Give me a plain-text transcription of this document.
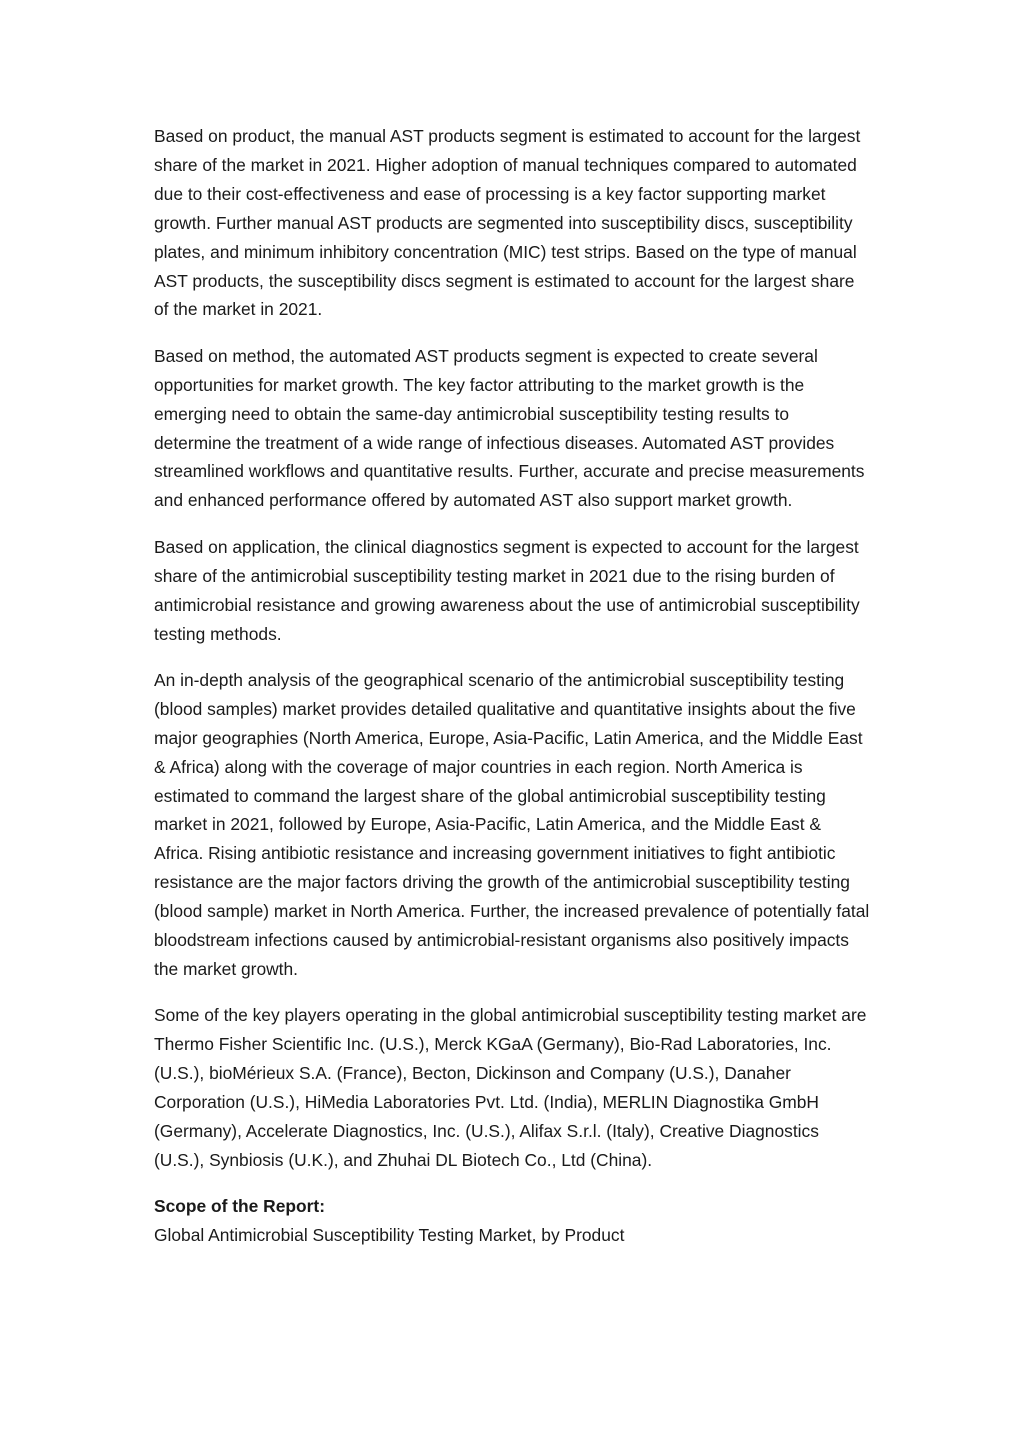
Based on product, the manual AST products segment is estimated to account for the largest share of the market in 2021. Higher adoption of manual techniques compared to automated due to their cost-effectiveness and ease of processing is a key factor supporting market growth. Further manual AST products are segmented into susceptibility discs, susceptibility plates, and minimum inhibitory concentration (MIC) test strips. Based on the type of manual AST products, the susceptibility discs segment is estimated to account for the largest share of the market in 2021.

Based on method, the automated AST products segment is expected to create several opportunities for market growth. The key factor attributing to the market growth is the emerging need to obtain the same-day antimicrobial susceptibility testing results to determine the treatment of a wide range of infectious diseases. Automated AST provides streamlined workflows and quantitative results. Further, accurate and precise measurements and enhanced performance offered by automated AST also support market growth.

Based on application, the clinical diagnostics segment is expected to account for the largest share of the antimicrobial susceptibility testing market in 2021 due to the rising burden of antimicrobial resistance and growing awareness about the use of antimicrobial susceptibility testing methods.

An in-depth analysis of the geographical scenario of the antimicrobial susceptibility testing (blood samples) market provides detailed qualitative and quantitative insights about the five major geographies (North America, Europe, Asia-Pacific, Latin America, and the Middle East & Africa) along with the coverage of major countries in each region. North America is estimated to command the largest share of the global antimicrobial susceptibility testing market in 2021, followed by Europe, Asia-Pacific, Latin America, and the Middle East & Africa. Rising antibiotic resistance and increasing government initiatives to fight antibiotic resistance are the major factors driving the growth of the antimicrobial susceptibility testing (blood sample) market in North America. Further, the increased prevalence of potentially fatal bloodstream infections caused by antimicrobial-resistant organisms also positively impacts the market growth.

Some of the key players operating in the global antimicrobial susceptibility testing market are Thermo Fisher Scientific Inc. (U.S.), Merck KGaA (Germany), Bio-Rad Laboratories, Inc. (U.S.), bioMérieux S.A. (France), Becton, Dickinson and Company (U.S.), Danaher Corporation (U.S.), HiMedia Laboratories Pvt. Ltd. (India), MERLIN Diagnostika GmbH (Germany), Accelerate Diagnostics, Inc. (U.S.), Alifax S.r.l. (Italy), Creative Diagnostics (U.S.), Synbiosis (U.K.), and Zhuhai DL Biotech Co., Ltd (China).

Scope of the Report:

Global Antimicrobial Susceptibility Testing Market, by Product
